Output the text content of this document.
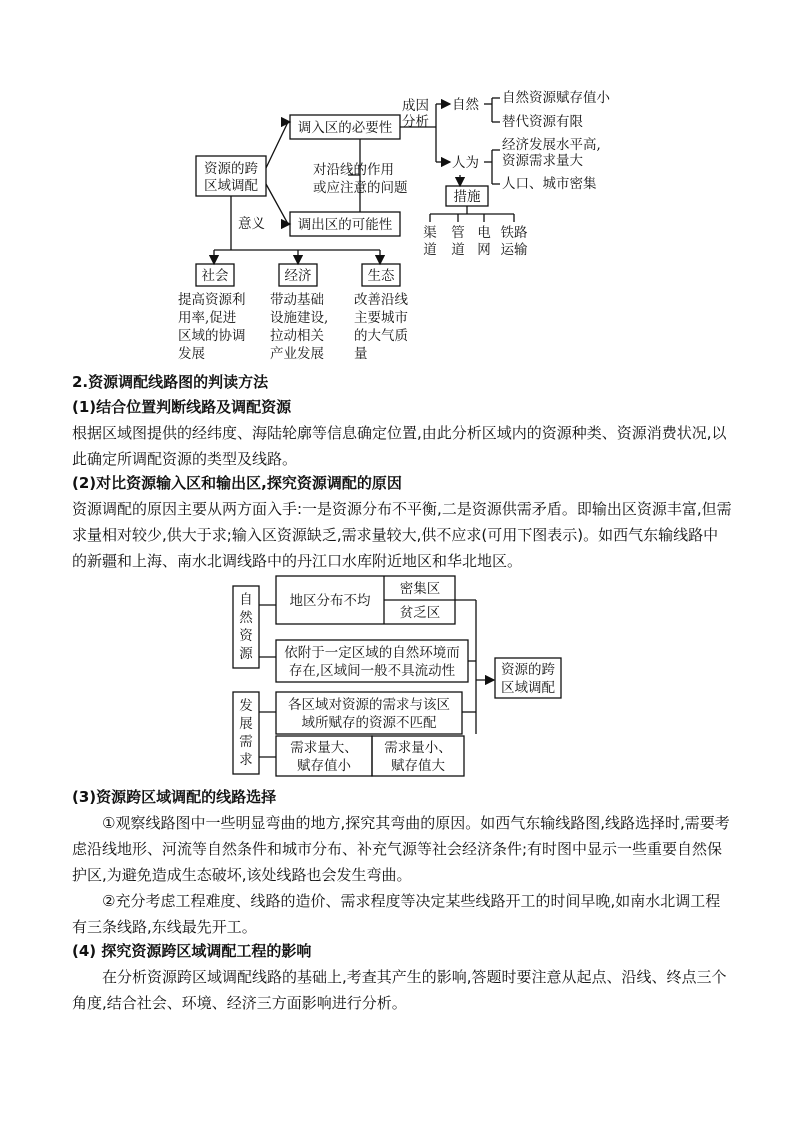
资源的跨
区域调配
调入区的必要性
调出区的可能性
成因
分析
自然 自然资源赋存值小
替代资源有限
人为
经济发展水平高,
资源需求量大
人口、城市密集
对沿线的作用
或应注意的问题
措施
渠
道
管
道
电
网
铁路
运输
意义
社会	经济	生态
提高资源利
用率,促进
区域的协调
发展
带动基础
设施建设,
拉动相关
产业发展
改善沿线
主要城市
的大气质
量
2.资源调配线路图的判读方法
(1)结合位置判断线路及调配资源
根据区域图提供的经纬度、海陆轮廓等信息确定位置,由此分析区域内的资源种类、资源消费状况,以此确定所调配资源的类型及线路。
(2)对比资源输入区和输出区,探究资源调配的原因
资源调配的原因主要从两方面入手:一是资源分布不平衡,二是资源供需矛盾。即输出区资源丰富,但需求量相对较少,供大于求;输入区资源缺乏,需求量较大,供不应求(可用下图表示)。如西气东输线路中的新疆和上海、南水北调线路中的丹江口水库附近地区和华北地区。
自
然
资
源
地区分布不均
密集区
贫乏区
依附于一定区域的自然环境而
存在,区域间一般不具流动性
发
展
需
求
各区域对资源的需求与该区
域所赋存的资源不匹配
需求量大、
赋存值小
需求量小、
赋存值大
资源的跨
区域调配
(3)资源跨区域调配的线路选择
①观察线路图中一些明显弯曲的地方,探究其弯曲的原因。如西气东输线路图,线路选择时,需要考虑沿线地形、河流等自然条件和城市分布、补充气源等社会经济条件;有时图中显示一些重要自然保护区,为避免造成生态破坏,该处线路也会发生弯曲。
②充分考虑工程难度、线路的造价、需求程度等决定某些线路开工的时间早晚,如南水北调工程有三条线路,东线最先开工。
(4) 探究资源跨区域调配工程的影响
在分析资源跨区域调配线路的基础上,考查其产生的影响,答题时要注意从起点、沿线、终点三个角度,结合社会、环境、经济三方面影响进行分析。
